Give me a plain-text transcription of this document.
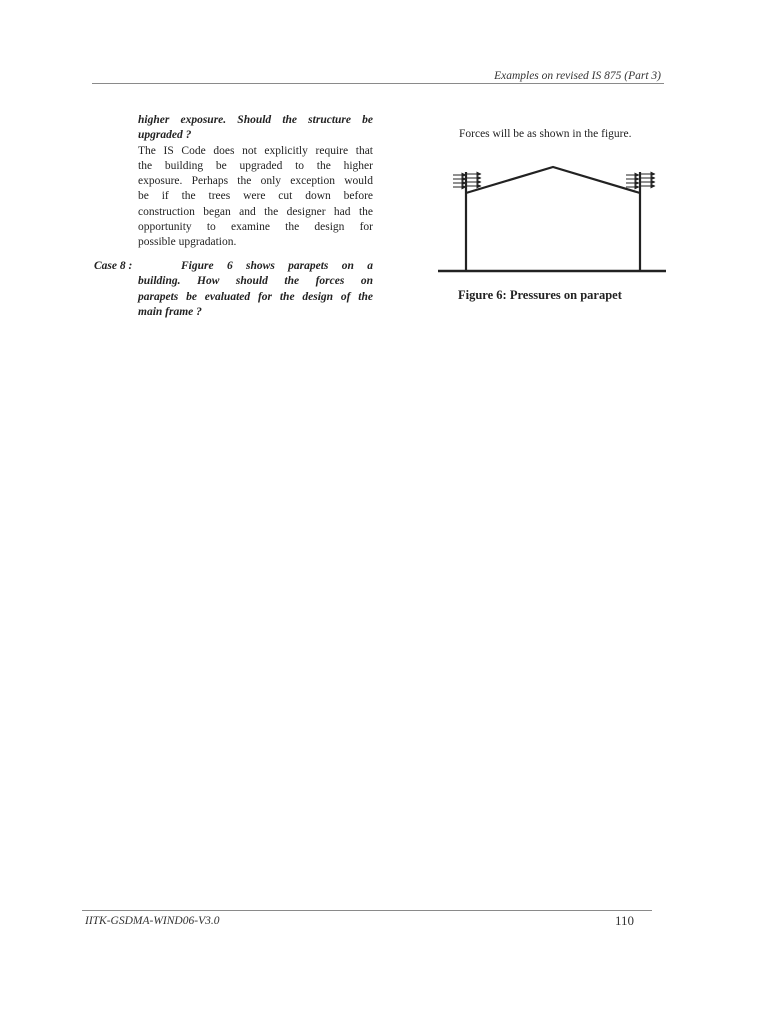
Examples on revised IS 875 (Part 3)
higher exposure. Should the structure be
upgraded ?
The IS Code does not explicitly require that
the building be upgraded to the higher
exposure. Perhaps the only exception would
be if the trees were cut down before
construction began and the designer had the
opportunity to examine the design for
possible upgradation.
Case 8 :	Figure 6 shows parapets on a
building. How should the forces on
parapets be evaluated for the design of the
main frame ?
Forces will be as shown in the figure.
Figure 6: Pressures on parapet
IITK-GSDMA-WIND06-V3.0	110
